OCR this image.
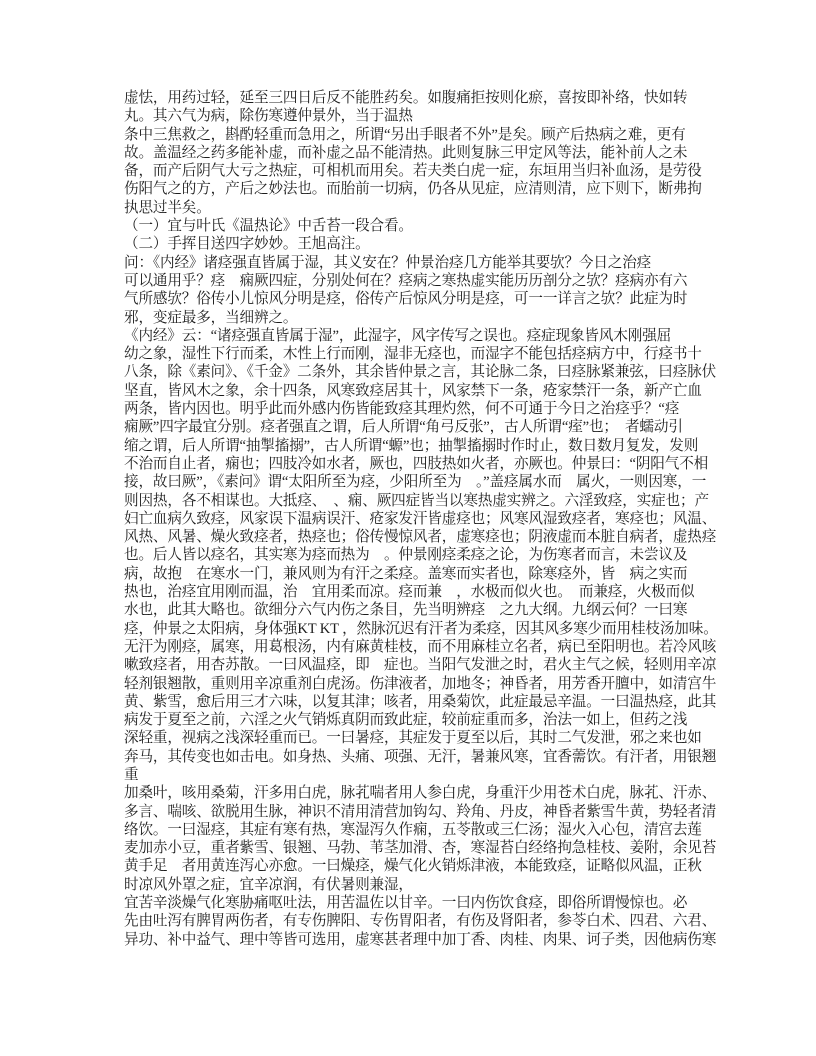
虚怯，用药过轻，延至三四日后反不能胜药矣。如腹痛拒按则化瘀，喜按即补络，快如转
丸。其六气为病，除伤寒遵仲景外，当于温热
条中三焦救之，斟酌轻重而急用之，所谓“另出手眼者不外”是矣。顾产后热病之难，更有
故。盖温经之药多能补虚，而补虚之品不能清热。此则复脉三甲定风等法，能补前人之未
备，而产后阴气大亏之热症，可相机而用矣。若夫类白虎一症，东垣用当归补血汤，是劳役
伤阳气之的方，产后之妙法也。而胎前一切病，仍各从见症，应清则清，应下则下，断弗拘
执思过半矣。
（一）宜与叶氏《温热论》中舌苔一段合看。
（二）手挥目送四字妙妙。王旭高注。
问：《内经》诸痉强直皆属于湿，其义安在？仲景治痉几方能举其要欤？今日之治痉
可以通用乎？痉　痫厥四症，分别处何在？痉病之寒热虚实能历历剖分之欤？痉病亦有六
气所感欤？俗传小儿惊风分明是痉，俗传产后惊风分明是痉，可一一详言之欤？此症为时
邪，变症最多，当细辨之。
《内经》云：“诸痉强直皆属于湿”，此湿字，风字传写之误也。痉症现象皆风木刚强屈
幼之象，湿性下行而柔，木性上行而刚，湿非无痉也，而湿字不能包括痉病方中，行痉书十
八条，除《素问》、《千金》二条外，其余皆仲景之言，其论脉二条，曰痉脉紧兼弦，曰痉脉伏
坚直，皆风木之象，余十四条，风寒致痉居其十，风家禁下一条，疮家禁汗一条，新产亡血
两条，皆内因也。明乎此而外感内伤皆能致痉其理灼然，何不可通于今日之治痉乎？“痉
痫厥”四字最宜分别。痉者强直之谓，后人所谓“角弓反张”，古人所谓“痓”也；　者蠕动引
缩之谓，后人所谓“抽掣搐搦”，古人所谓“螈”也；抽掣搐搦时作时止，数日数月复发，发则
不治而自止者，痫也；四肢冷如水者，厥也，四肢热如火者，亦厥也。仲景曰：“阴阳气不相
接，故曰厥”，《素问》谓“太阳所至为痉，少阳所至为　。”盖痉属水而　属火，一则因寒，一
则因热，各不相谋也。大抵痉、　、痫、厥四症皆当以寒热虚实辨之。六淫致痉，实症也；产
妇亡血病久致痉，风家误下温病误汗、疮家发汗皆虚痉也；风寒风湿致痉者，寒痉也；风温、
风热、风暑、燥火致痉者，热痉也；俗传慢惊风者，虚寒痉也；阴液虚而本脏自病者，虚热痉
也。后人皆以痉名，其实寒为痉而热为　。仲景刚痉柔痉之论，为伤寒者而言，未尝议及
病，故抱　在寒水一门，兼风则为有汗之柔痉。盖寒而实者也，除寒痉外，皆　病之实而
热也，治痉宜用刚而温，治　宜用柔而凉。痉而兼　，水极而似火也。　而兼痉，火极而似
水也，此其大略也。欲细分六气内伤之条目，先当明辨痉　之九大纲。九纲云何？一曰寒
痉，仲景之太阳病，身体强KT KT ，然脉沉迟有汗者为柔痉，因其风多寒少而用桂枝汤加味。
无汗为刚痉，属寒，用葛根汤，内有麻黄桂枝，而不用麻桂立名者，病已至阳明也。若冷风咳
嗽致痉者，用杏苏散。一曰风温痉，即　症也。当阳气发泄之时，君火主气之候，轻则用辛凉
轻剂银翘散，重则用辛凉重剂白虎汤。伤津液者，加地冬；神昏者，用芳香开膻中，如清宫牛
黄、紫雪，愈后用三才六味，以复其津；咳者，用桑菊饮，此症最忌辛温。一曰温热痉，此其
病发于夏至之前，六淫之火气销烁真阴而致此症，较前症重而多，治法一如上，但药之浅
深轻重，视病之浅深轻重而已。一曰暑痉，其症发于夏至以后，其时二气发泄，邪之来也如
奔马，其传变也如击电。如身热、头痛、项强、无汗，暑兼风寒，宜香薷饮。有汗者，用银翘
重
加桑叶，咳用桑菊，汗多用白虎，脉芤喘者用人参白虎，身重汗少用苍术白虎，脉芤、汗赤、
多言、喘咳、欲脱用生脉，神识不清用清营加钩勾、羚角、丹皮，神昏者紫雪牛黄，势轻者清
络饮。一曰湿痉，其症有寒有热，寒湿泻久作痫，五苓散或三仁汤；湿火入心包，清宫去莲
麦加赤小豆，重者紫雪、银翘、马勃、苇茎加滑、杏，寒湿苔白经络拘急桂枝、姜附，余见苔
黄手足　者用黄连泻心亦愈。一曰燥痉，燥气化火销烁津液，本能致痉，证略似风温，正秋
时凉风外罩之症，宜辛凉润，有伏暑则兼湿，
宜苦辛淡燥气化寒胁痛呕吐法，用苦温佐以甘辛。一曰内伤饮食痉，即俗所谓慢惊也。必
先由吐泻有脾胃两伤者，有专伤脾阳、专伤胃阳者，有伤及肾阳者，参苓白术、四君、六君、
异功、补中益气、理中等皆可选用，虚寒甚者理中加丁香、肉桂、肉果、诃子类，因他病伤寒
